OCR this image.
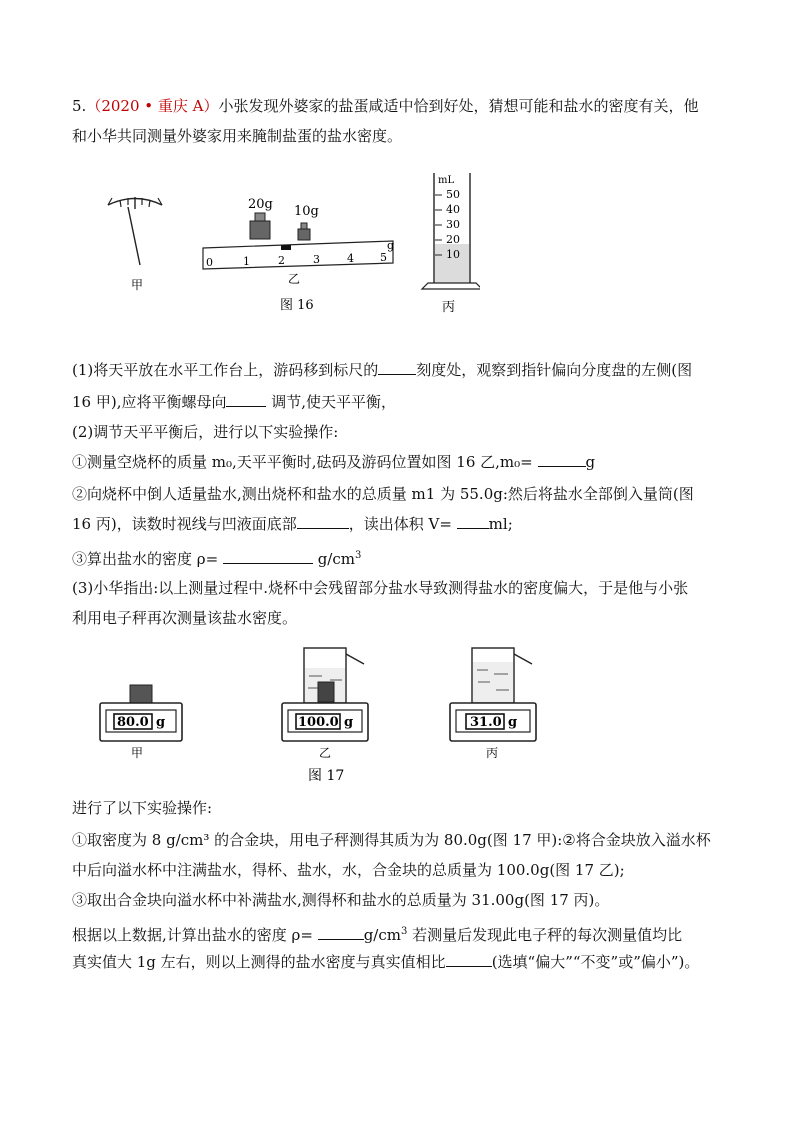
5.（2020 • 重庆 A）小张发现外婆家的盐蛋咸适中恰到好处，猜想可能和盐水的密度有关，他
和小华共同测量外婆家用来腌制盐蛋的盐水密度。
甲
20g 10g
0	1	2	3 4 5
g
乙
图 16
mL
50
40
30
20
10
丙
(1)将天平放在水平工作台上，游码移到标尺的	刻度处，观察到指针偏向分度盘的左侧(图
16 甲),应将平衡螺母向	调节,使天平平衡，
(2)调节天平平衡后，进行以下实验操作:
①测量空烧杯的质量 m₀,天平平衡时,砝码及游码位置如图 16 乙,m₀=	g
②向烧杯中倒人适量盐水,测出烧杯和盐水的总质量 m1 为 55.0g:然后将盐水全部倒入量筒(图
16 丙)，读数时视线与凹液面底部	，读出体积 V= ml;
③算出盐水的密度 ρ=	$g/cm^3$
(3)小华指出:以上测量过程中.烧杯中会残留部分盐水导致测得盐水的密度偏大，于是他与小张
利用电子秤再次测量该盐水密度。
80.0 g
甲
100.0 g
乙
图 17
31.0 g
丙
进行了以下实验操作:
①取密度为 8 g/cm³ 的合金块，用电子秤测得其质为为 80.0g(图 17 甲):②将合金块放入溢水杯
中后向溢水杯中注满盐水，得杯、盐水，水，合金块的总质量为 100.0g(图 17 乙);
③取出合金块向溢水杯中补满盐水,测得杯和盐水的总质量为 31.00g(图 17 丙)。
根据以上数据,计算出盐水的密度 ρ=	$g/cm^3$ 若测量后发现此电子秤的每次测量值均比
真实值大 1g 左右，则以上测得的盐水密度与真实值相比	(选填“偏大”“不变”或”偏小”)。
